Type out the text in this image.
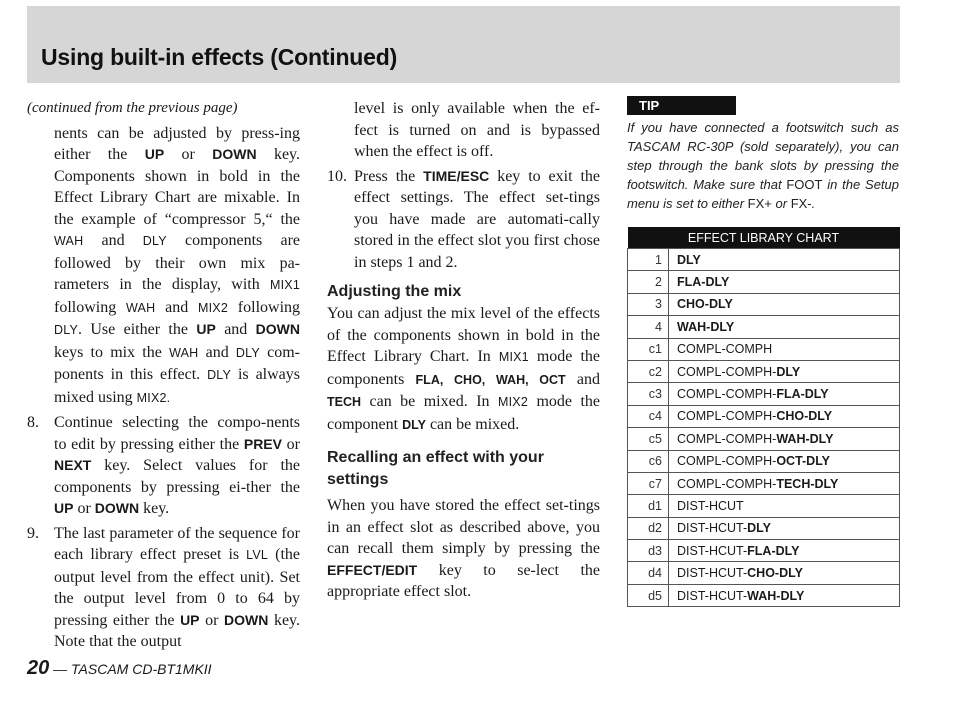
Using built-in effects (Continued)

(continued from the previous page)

nents can be adjusted by press-ing either the UP or DOWN key. Components shown in bold in the Effect Library Chart are mixable. In the example of “compressor 5,“ the WAH and DLY components are followed by their own mix pa-rameters in the display, with MIX1 following WAH and MIX2 following DLY. Use either the UP and DOWN keys to mix the WAH and DLY com-ponents in this effect. DLY is always mixed using MIX2.

8. Continue selecting the compo-nents to edit by pressing either the PREV or NEXT key. Select values for the components by pressing ei-ther the UP or DOWN key.

9. The last parameter of the sequence for each library effect preset is LVL (the output level from the effect unit). Set the output level from 0 to 64 by pressing either the UP or DOWN key. Note that the output

level is only available when the ef-fect is turned on and is bypassed when the effect is off.

10. Press the TIME/ESC key to exit the effect settings. The effect set-tings you have made are automati-cally stored in the effect slot you first chose in steps 1 and 2.

Adjusting the mix

You can adjust the mix level of the effects of the components shown in bold in the Effect Library Chart. In MIX1 mode the components FLA, CHO, WAH, OCT and TECH can be mixed. In MIX2 mode the component DLY can be mixed.

Recalling an effect with your settings

When you have stored the effect set-tings in an effect slot as described above, you can recall them simply by pressing the EFFECT/EDIT key to se-lect the appropriate effect slot.

TIP
If you have connected a footswitch such as TASCAM RC-30P (sold separately), you can step through the bank slots by pressing the footswitch. Make sure that FOOT in the Setup menu is set to either FX+ or FX-.
EFFECT LIBRARY CHART	
1	DLY
2	FLA-DLY
3	CHO-DLY
4	WAH-DLY
c1	COMPL-COMPH
c2	COMPL-COMPH-DLY
c3	COMPL-COMPH-FLA-DLY
c4	COMPL-COMPH-CHO-DLY
c5	COMPL-COMPH-WAH-DLY
c6	COMPL-COMPH-OCT-DLY
c7	COMPL-COMPH-TECH-DLY
d1	DIST-HCUT
d2	DIST-HCUT-DLY
d3	DIST-HCUT-FLA-DLY
d4	DIST-HCUT-CHO-DLY
d5	DIST-HCUT-WAH-DLY
20 — TASCAM CD-BT1MKII
